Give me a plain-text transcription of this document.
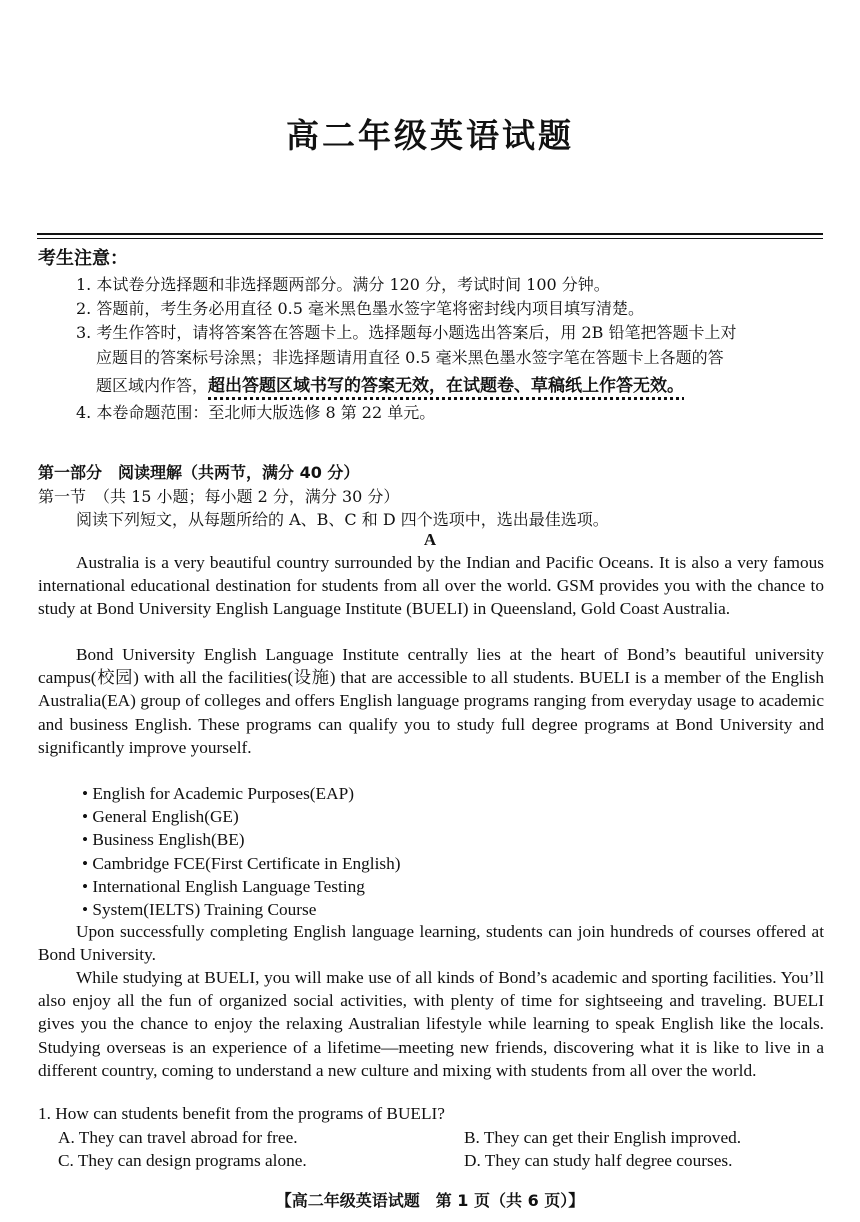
高二年级英语试题
考生注意：
1. 本试卷分选择题和非选择题两部分。满分 120 分，考试时间 100 分钟。
2. 答题前，考生务必用直径 0.5 毫米黑色墨水签字笔将密封线内项目填写清楚。
3. 考生作答时，请将答案答在答题卡上。选择题每小题选出答案后，用 2B 铅笔把答题卡上对
应题目的答案标号涂黑；非选择题请用直径 0.5 毫米黑色墨水签字笔在答题卡上各题的答
题区域内作答，超出答题区域书写的答案无效，在试题卷、草稿纸上作答无效。
4. 本卷命题范围：至北师大版选修 8 第 22 单元。
第一部分　阅读理解（共两节，满分 40 分）
第一节　（共 15 小题；每小题 2 分，满分 30 分）
阅读下列短文，从每题所给的 A、B、C 和 D 四个选项中，选出最佳选项。
A
Australia is a very beautiful country surrounded by the Indian and Pacific Oceans. It is also a very famous international educational destination for students from all over the world. GSM provides you with the chance to study at Bond University English Language Institute (BUELI) in Queensland, Gold Coast Australia.
Bond University English Language Institute centrally lies at the heart of Bond’s beautiful university campus(校园) with all the facilities(设施) that are accessible to all students. BUELI is a member of the English Australia(EA) group of colleges and offers English language programs ranging from everyday usage to academic and business English. These programs can qualify you to study full degree programs at Bond University and significantly improve yourself.
• English for Academic Purposes(EAP)
• General English(GE)
• Business English(BE)
• Cambridge FCE(First Certificate in English)
• International English Language Testing
• System(IELTS) Training Course
Upon successfully completing English language learning, students can join hundreds of courses offered at Bond University.
While studying at BUELI, you will make use of all kinds of Bond’s academic and sporting facilities. You’ll also enjoy all the fun of organized social activities, with plenty of time for sightseeing and traveling. BUELI gives you the chance to enjoy the relaxing Australian lifestyle while learning to speak English like the locals. Studying overseas is an experience of a lifetime—meeting new friends, discovering what it is like to live in a different country, coming to understand a new culture and mixing with students from all over the world.
1. How can students benefit from the programs of BUELI?
A. They can travel abroad for free.	B. They can get their English improved.
C. They can design programs alone.	D. They can study half degree courses.
【高二年级英语试题　第 1 页（共 6 页）】
